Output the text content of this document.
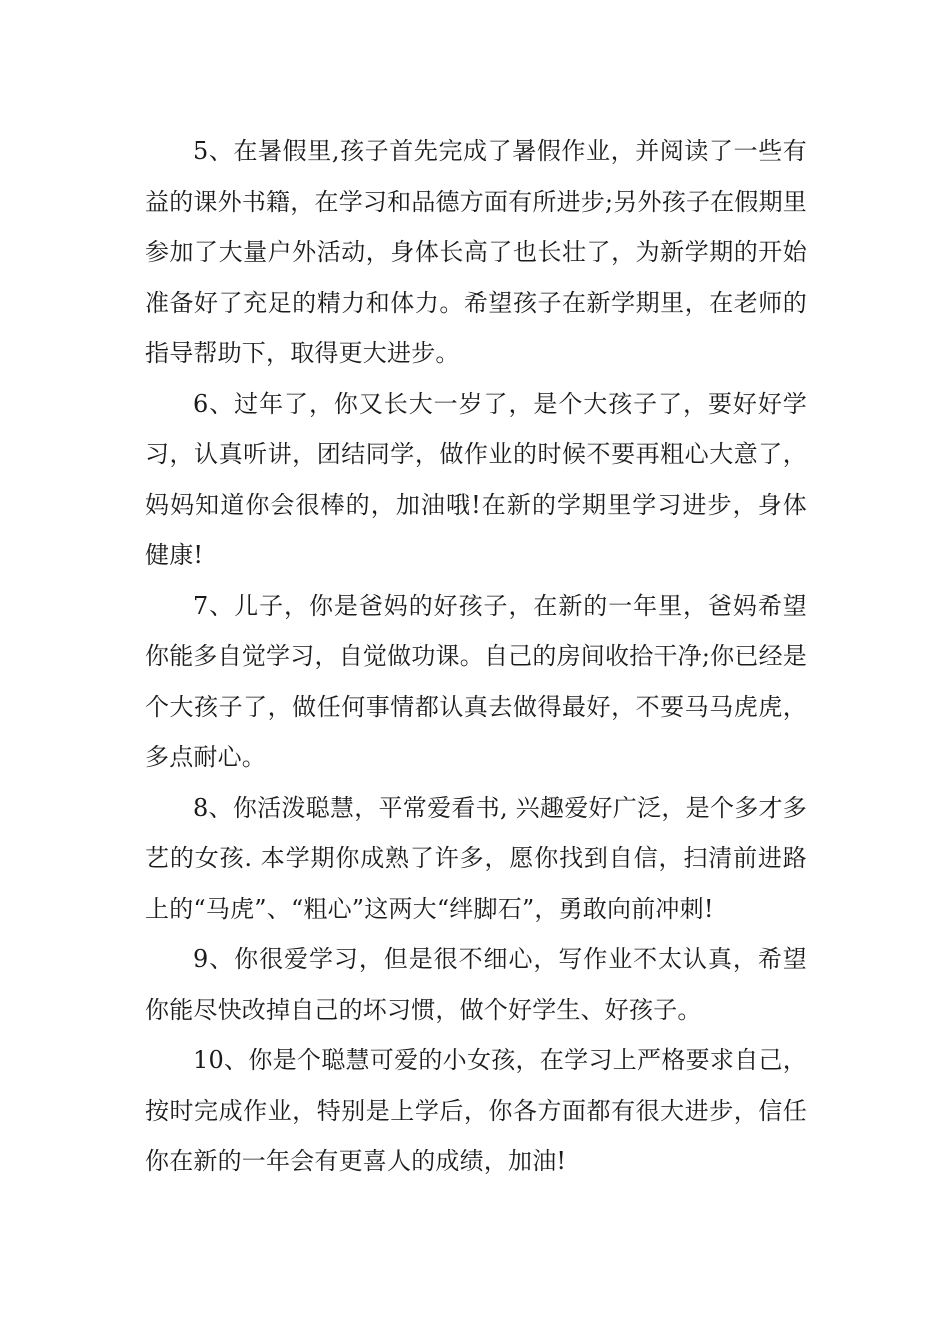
5、在暑假里,孩子首先完成了暑假作业，并阅读了一些有益的课外书籍，在学习和品德方面有所进步;另外孩子在假期里参加了大量户外活动，身体长高了也长壮了，为新学期的开始准备好了充足的精力和体力。希望孩子在新学期里，在老师的指导帮助下，取得更大进步。

6、过年了，你又长大一岁了，是个大孩子了，要好好学习，认真听讲，团结同学，做作业的时候不要再粗心大意了，妈妈知道你会很棒的，加油哦!在新的学期里学习进步，身体健康!

7、儿子，你是爸妈的好孩子，在新的一年里，爸妈希望你能多自觉学习，自觉做功课。自己的房间收拾干净;你已经是个大孩子了，做任何事情都认真去做得最好，不要马马虎虎，多点耐心。

8、你活泼聪慧，平常爱看书, 兴趣爱好广泛，是个多才多艺的女孩. 本学期你成熟了许多，愿你找到自信，扫清前进路上的“马虎”、“粗心”这两大“绊脚石”，勇敢向前冲刺!

9、你很爱学习，但是很不细心，写作业不太认真，希望你能尽快改掉自己的坏习惯，做个好学生、好孩子。

10、你是个聪慧可爱的小女孩，在学习上严格要求自己，按时完成作业，特别是上学后，你各方面都有很大进步，信任你在新的一年会有更喜人的成绩，加油!
